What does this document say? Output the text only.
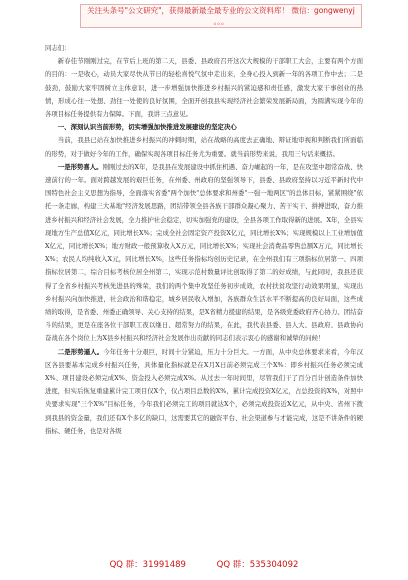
关注头条号"公文研究"，获得最新最全最专业的公文资料库！ 微信：gongwenyj
。。。

同志们：

新春佳节刚刚过完，在节后上班的第二天，县委、县政府召开这次大规模的干部职工大会，主要有两个方面的目的：一是收心，动员大家尽快从节日的轻松喜悦气氛中走出来，全身心投入到新一年的各项工作中去；二是鼓劲，鼓励大家牢固树立主体意识，进一步增强加快推进乡村振兴的紧迫感和责任感，激发大家干事创业的热情，形成心往一处想、劲往一处使的良好氛围，全面开创我县实现经济社会繁荣发展新局面，为圆满实现今年的各项目标任务提供有力保障。下面，我讲三点意见。

一、深刻认识当前形势，切实增强加快推进发展建设的坚定决心

当前，我县已站在加快推进乡村振兴的冲刺时期，站在战略的高度去正确地、辩证地审视和判断我们所面临的形势，对于做好今年的工作，确保实现各项目标任务尤为重要。就当前形势来说，我用三句话来概括。

一是形势喜人。刚刚过去的X年，是我县在发展建设中抓住机遇、奋力崛起的一年，是在攻坚中超常奋战、快速前行的一年。面对跨越发展的艰巨任务，在州委、州政府的坚强领导下，县委、县政府坚持以习近平新时代中国特色社会主义思想为指导，全面落实省委"两个加快"总体要求和州委"一强一地两区"的总体目标，紧紧围绕"依托一条走廊，构建三大基地"经济发展思路，团结带领全县各族干部群众凝心聚力、苦干实干、拼搏进取，奋力推进乡村振兴和经济社会发展，全力推护社会稳定，切实加强党的建设，全县各项工作取得新的进展。X年，全县实现地方生产总值X亿元，同比增长X%；完成全社会固定资产投资X亿元，同比增长X%；实现规模以上工业增加值X亿元，同比增长X%；地方财政一般预算收入X万元，同比增长X%；实现社会消费品零售总额X万元，同比增长X%；农民人均纯收入X元，同比增长X%，这些任务指标均创历史记录，在全州我们有三项指标位居第一、四项指标位居第二，综合目标考核位居全州第二，实现示范村数量评比创取得了第二的好成绩，与此同时，我县还获得了全省乡村振兴考核先进县的殊荣，我们的两个集中攻坚任务初步成效，农村扶贫攻坚行动效果明显，实现出乡村振兴向加快推进，社会政治和谐稳定，城乡居民收入增加，各族群众生活水平不断提高的良好局面，这些成绩的取得，是省委、州委正确领导、关心支持的结果，是X省精力援建的结果，是各级党委政府齐心协力、团结奋斗的结果，更是在座各位干部职工夜以继日、超常努力的结果，在此，我代表县委、县人大、县政府、县政协向奋战在各个岗位上为X县乡村振兴和经济社会发展作出贡献的同志们表示衷心的感谢和诚挚的问候！

二是形势逼人。今年任务十分艰巨，时间十分紧迫，压力十分巨大。一方面，从中央总体要求来看，今年汉区各县要基本完成乡村振兴任务，具体量化指标就是在X月X日前必须完成三个X%：即乡村振兴任务必须完成X%、项目建设必须完成X%、资金投入必须完成X%。从过去一年时间里，尽管我们干了百分百计创造条件加快进度，但实后恢复重建累计完工项目仅X个，仅占项目总数的X%，累计完成投资X亿元，占总投资的X%，对照中央要求实现"三个X%"目标任务，今年我们必须完工的项目就达X个，必须完成投资近X亿元，从中央、省州下拨到我县的资金量，我们还有X个多亿的缺口，这需要其它的融资平台、社会渠道参与才能完成，这是不讲条件的硬指标、硬任务，也是对各级

QQ 群：31991489	QQ 群：535304092
